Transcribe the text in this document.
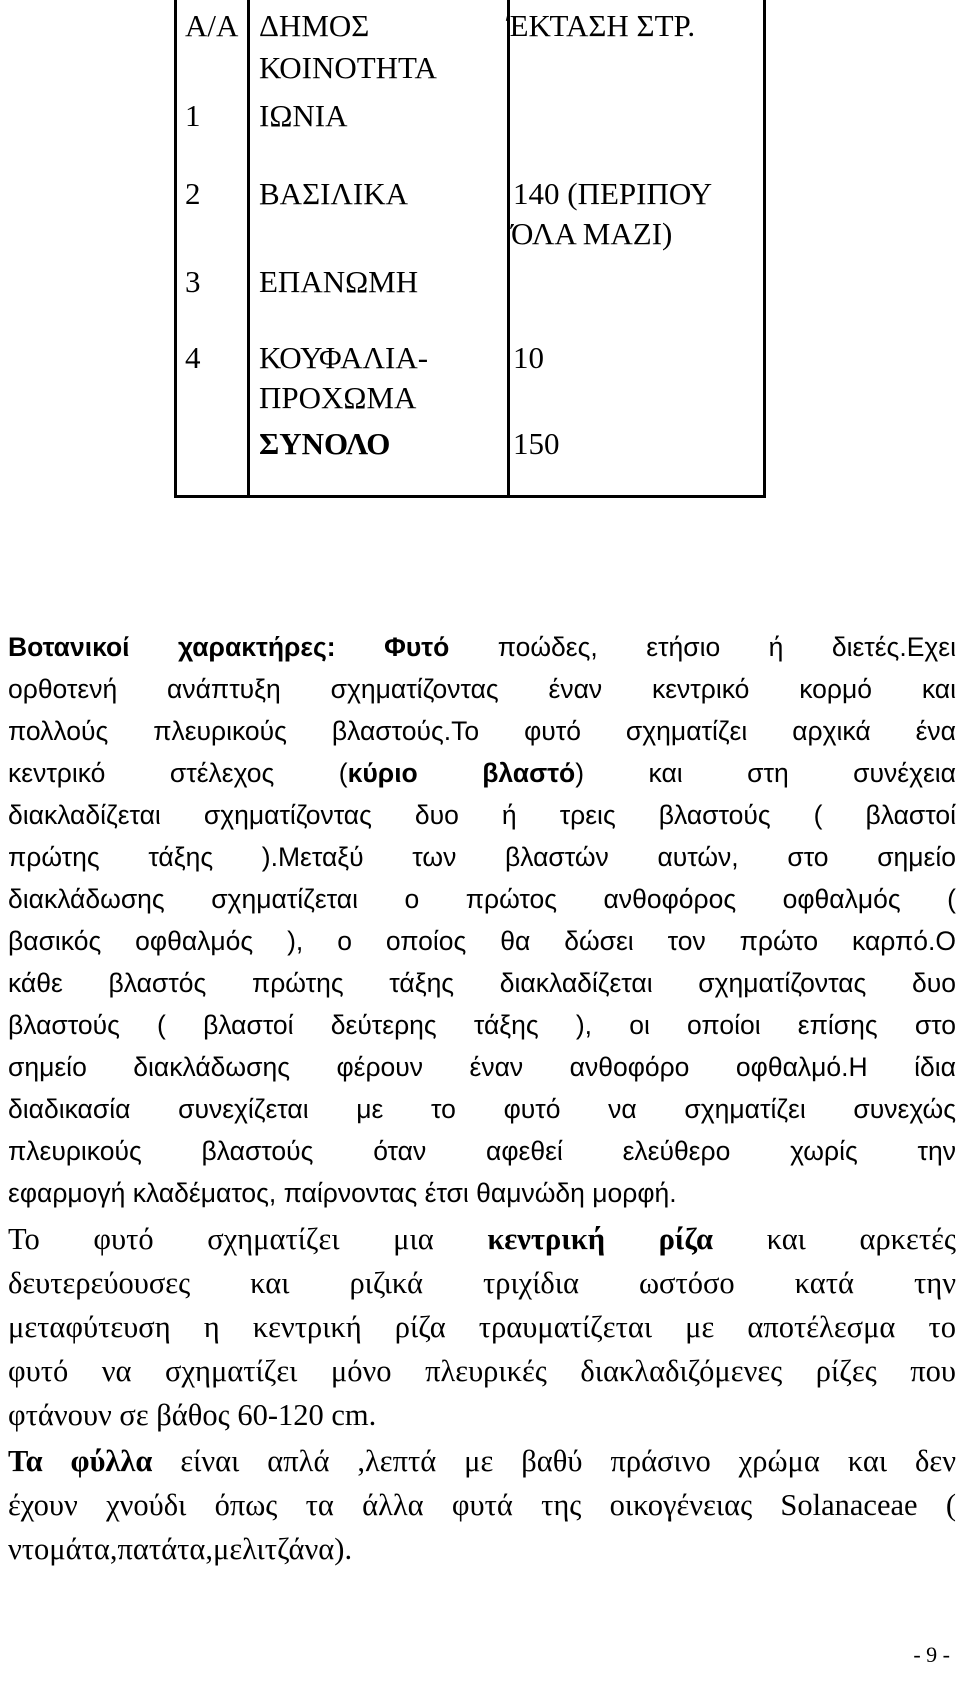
Α/Α ΔΗΜΟΣ
ΚΟΙΝΟΤΗΤΑ
ΈΚΤΑΣΗ ΣΤΡ.
1 ΙΩΝΙΑ
2 ΒΑΣΙΛΙΚΑ	140 (ΠΕΡΙΠΟΥ
ΌΛΑ ΜΑΖΙ)
3 ΕΠΑΝΩΜΗ
4 ΚΟΥΦΑΛΙΑ-
ΠΡΟΧΩΜΑ
10
ΣΥΝΟΛΟ	150
Βοτανικοί χαρακτήρες: Φυτό ποώδες, ετήσιο ή διετές.Εχει
ορθοτενή ανάπτυξη σχηματίζοντας έναν κεντρικό κορμό και
πολλούς πλευρικούς βλαστούς.Το φυτό σχηματίζει αρχικά ένα
κεντρικό στέλεχος (κύριο βλαστό) και στη συνέχεια
διακλαδίζεται σχηματίζοντας δυο ή τρεις βλαστούς ( βλαστοί
πρώτης τάξης ).Μεταξύ των βλαστών αυτών, στο σημείο
διακλάδωσης σχηματίζεται ο πρώτος ανθοφόρος οφθαλμός (
βασικός οφθαλμός ), ο οποίος θα δώσει τον πρώτο καρπό.Ο
κάθε βλαστός πρώτης τάξης διακλαδίζεται σχηματίζοντας δυο
βλαστούς ( βλαστοί δεύτερης τάξης ), οι οποίοι επίσης στο
σημείο διακλάδωσης φέρουν έναν ανθοφόρο οφθαλμό.Η ίδια
διαδικασία συνεχίζεται με το φυτό να σχηματίζει συνεχώς
πλευρικούς βλαστούς όταν αφεθεί ελεύθερο χωρίς την
εφαρμογή κλαδέματος, παίρνοντας έτσι θαμνώδη μορφή.
Το φυτό σχηματίζει μια κεντρική ρίζα και αρκετές
δευτερεύουσες και ριζικά τριχίδια ωστόσο κατά την
μεταφύτευση η κεντρική ρίζα τραυματίζεται με αποτέλεσμα το
φυτό να σχηματίζει μόνο πλευρικές διακλαδιζόμενες ρίζες που
φτάνουν σε βάθος 60-120 cm.
Τα φύλλα είναι απλά ,λεπτά με βαθύ πράσινο χρώμα και δεν
έχουν χνούδι όπως τα άλλα φυτά της οικογένειας Solanaceae (
ντομάτα,πατάτα,μελιτζάνα).
- 9 -
